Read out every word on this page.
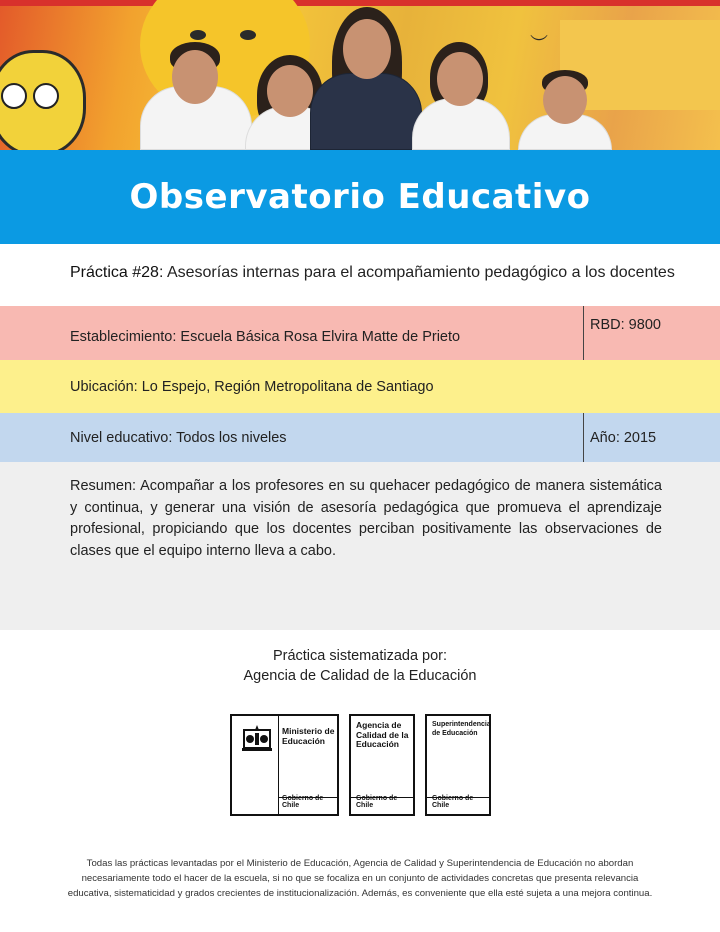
︶
Observatorio Educativo
Práctica #28: Asesorías internas para el acompañamiento pedagógico a los docentes
Establecimiento : Escuela Básica Rosa Elvira Matte de Prieto
RBD: 9800
Ubicación: Lo Espejo, Región Metropolitana de Santiago
Nivel educativo: Todos los niveles	Año : 2015

Resumen: Acompañar a los profesores en su quehacer pedagógico de manera sistemática y continua, y generar una visión de asesoría pedagógica que promueva el aprendizaje profesional, propiciando que los docentes perciban positivamente las observaciones de clases que el equipo interno lleva a cabo.

Práctica sistematizada por:
Agencia de Calidad de la Educación
Ministerio de Educación
Gobierno de Chile
Agencia de Calidad de la Educación
Gobierno de Chile
Superintendencia de Educación
Gobierno de Chile
Todas las prácticas levantadas por el Ministerio de Educación, Agencia de Calidad y Superintendencia de Educación no abordan necesariamente todo el hacer de la escuela, si no que se focaliza en un conjunto de actividades concretas que presenta relevancia educativa, sistematicidad y grados crecientes de institucionalización. Además, es conveniente que ella esté sujeta a una mejora continua.
